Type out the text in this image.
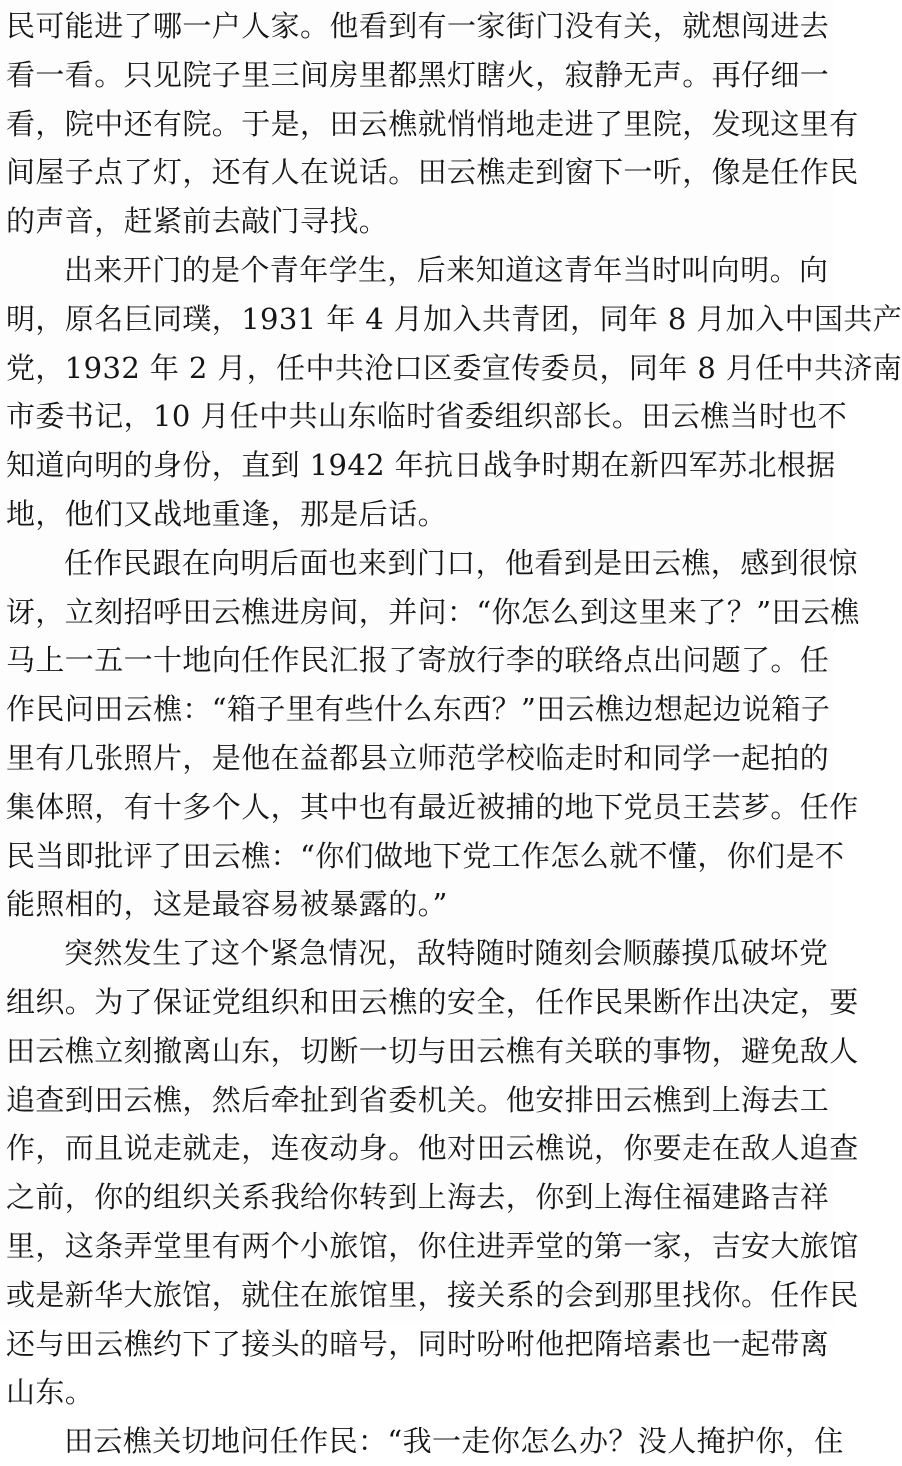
民可能进了哪一户人家。他看到有一家街门没有关，就想闯进去
看一看。只见院子里三间房里都黑灯瞎火，寂静无声。再仔细一
看，院中还有院。于是，田云樵就悄悄地走进了里院，发现这里有
间屋子点了灯，还有人在说话。田云樵走到窗下一听，像是任作民
的声音，赶紧前去敲门寻找。
出来开门的是个青年学生，后来知道这青年当时叫向明。向
明，原名巨同璞，1931 年 4 月加入共青团，同年 8 月加入中国共产
党，1932 年 2 月，任中共沧口区委宣传委员，同年 8 月任中共济南
市委书记，10 月任中共山东临时省委组织部长。田云樵当时也不
知道向明的身份，直到 1942 年抗日战争时期在新四军苏北根据
地，他们又战地重逢，那是后话。
任作民跟在向明后面也来到门口，他看到是田云樵，感到很惊
讶，立刻招呼田云樵进房间，并问：“你怎么到这里来了？”田云樵
马上一五一十地向任作民汇报了寄放行李的联络点出问题了。任
作民问田云樵：“箱子里有些什么东西？”田云樵边想起边说箱子
里有几张照片，是他在益都县立师范学校临走时和同学一起拍的
集体照，有十多个人，其中也有最近被捕的地下党员王芸芗。任作
民当即批评了田云樵：“你们做地下党工作怎么就不懂，你们是不
能照相的，这是最容易被暴露的。”
突然发生了这个紧急情况，敌特随时随刻会顺藤摸瓜破坏党
组织。为了保证党组织和田云樵的安全，任作民果断作出决定，要
田云樵立刻撤离山东，切断一切与田云樵有关联的事物，避免敌人
追查到田云樵，然后牵扯到省委机关。他安排田云樵到上海去工
作，而且说走就走，连夜动身。他对田云樵说，你要走在敌人追查
之前，你的组织关系我给你转到上海去，你到上海住福建路吉祥
里，这条弄堂里有两个小旅馆，你住进弄堂的第一家，吉安大旅馆
或是新华大旅馆，就住在旅馆里，接关系的会到那里找你。任作民
还与田云樵约下了接头的暗号，同时吩咐他把隋培素也一起带离
山东。
田云樵关切地问任作民：“我一走你怎么办？没人掩护你，住
